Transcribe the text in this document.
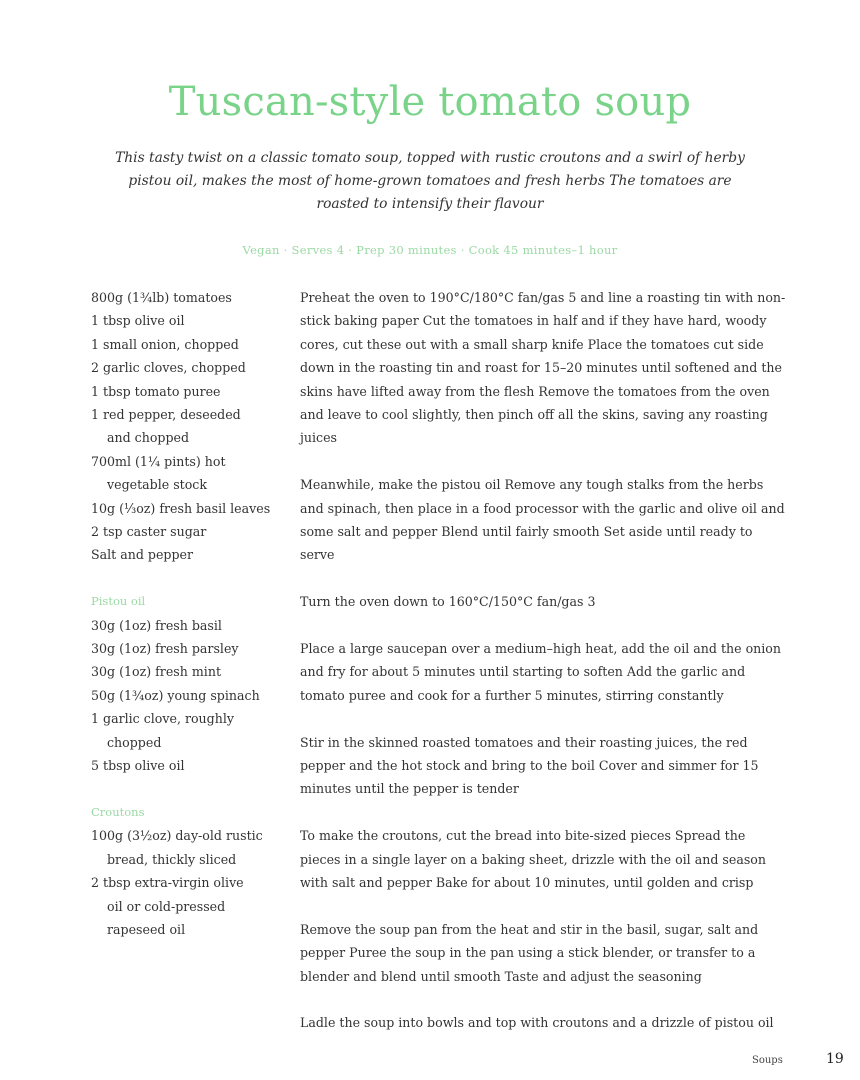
Tuscan-style tomato soup

This tasty twist on a classic tomato soup, topped with rustic croutons and a swirl of herby pistou oil, makes the most of home-grown tomatoes and fresh herbs The tomatoes are roasted to intensify their flavour

Vegan · Serves 4 · Prep 30 minutes · Cook 45 minutes–1 hour

800g (1¾lb) tomatoes

1 tbsp olive oil

1 small onion, chopped

2 garlic cloves, chopped

1 tbsp tomato puree

1 red pepper, deseeded and chopped

700ml (1¼ pints) hot vegetable stock

10g (⅓oz) fresh basil leaves

2 tsp caster sugar

Salt and pepper

Pistou oil

30g (1oz) fresh basil

30g (1oz) fresh parsley

30g (1oz) fresh mint

50g (1¾oz) young spinach

1 garlic clove, roughly chopped

5 tbsp olive oil

Croutons

100g (3½oz) day-old rustic bread, thickly sliced

2 tbsp extra-virgin olive oil or cold-pressed rapeseed oil

Preheat the oven to 190°C/180°C fan/gas 5 and line a roasting tin with non-stick baking paper Cut the tomatoes in half and if they have hard, woody cores, cut these out with a small sharp knife Place the tomatoes cut side down in the roasting tin and roast for 15–20 minutes until softened and the skins have lifted away from the flesh Remove the tomatoes from the oven and leave to cool slightly, then pinch off all the skins, saving any roasting juices

Meanwhile, make the pistou oil Remove any tough stalks from the herbs and spinach, then place in a food processor with the garlic and olive oil and some salt and pepper Blend until fairly smooth Set aside until ready to serve

Turn the oven down to 160°C/150°C fan/gas 3

Place a large saucepan over a medium–high heat, add the oil and the onion and fry for about 5 minutes until starting to soften Add the garlic and tomato puree and cook for a further 5 minutes, stirring constantly

Stir in the skinned roasted tomatoes and their roasting juices, the red pepper and the hot stock and bring to the boil Cover and simmer for 15 minutes until the pepper is tender

To make the croutons, cut the bread into bite-sized pieces Spread the pieces in a single layer on a baking sheet, drizzle with the oil and season with salt and pepper Bake for about 10 minutes, until golden and crisp

Remove the soup pan from the heat and stir in the basil, sugar, salt and pepper Puree the soup in the pan using a stick blender, or transfer to a blender and blend until smooth Taste and adjust the seasoning

Ladle the soup into bowls and top with croutons and a drizzle of pistou oil

Soups	19
